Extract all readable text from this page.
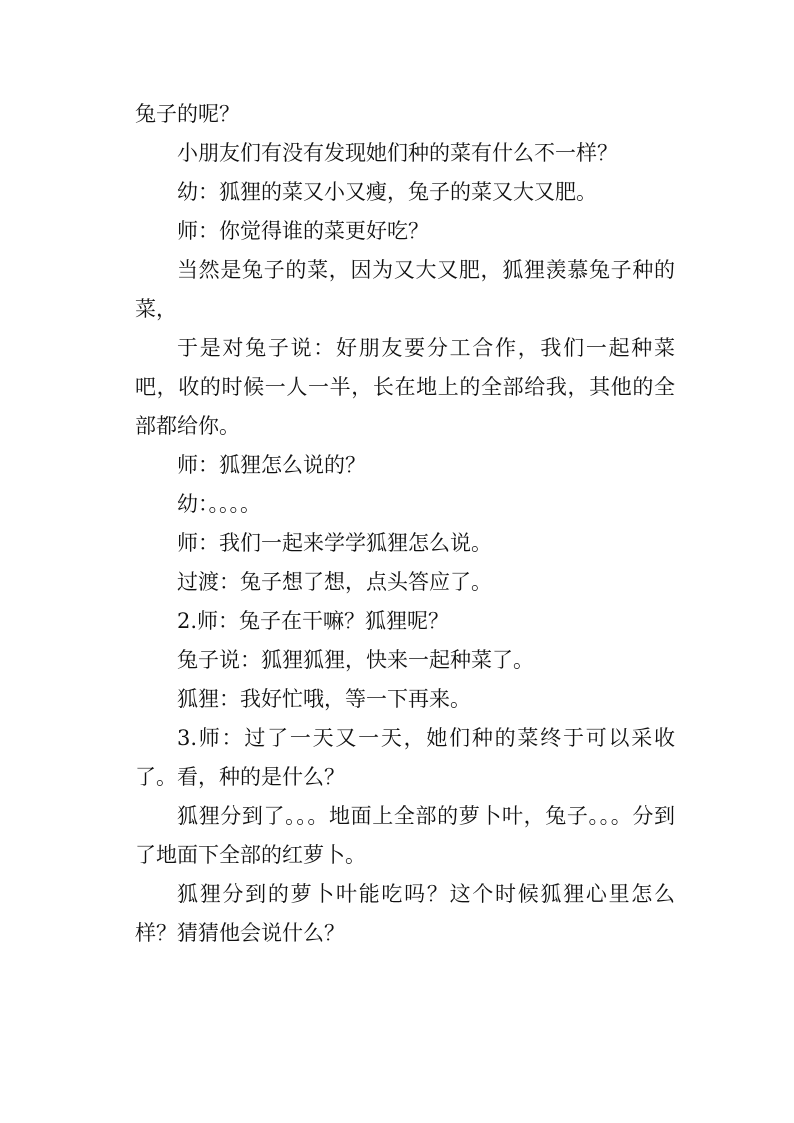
兔子的呢？

小朋友们有没有发现她们种的菜有什么不一样？

幼：狐狸的菜又小又瘦，兔子的菜又大又肥。

师：你觉得谁的菜更好吃？

当然是兔子的菜，因为又大又肥，狐狸羡慕兔子种的菜，

于是对兔子说：好朋友要分工合作，我们一起种菜吧，收的时候一人一半，长在地上的全部给我，其他的全部都给你。

师：狐狸怎么说的？

幼：。。。。

师：我们一起来学学狐狸怎么说。

过渡：兔子想了想，点头答应了。

2.师：兔子在干嘛？狐狸呢？

兔子说：狐狸狐狸，快来一起种菜了。

狐狸：我好忙哦，等一下再来。

3.师：过了一天又一天，她们种的菜终于可以采收了。看，种的是什么？

狐狸分到了。。。地面上全部的萝卜叶，兔子。。。分到了地面下全部的红萝卜。

狐狸分到的萝卜叶能吃吗？这个时候狐狸心里怎么样？猜猜他会说什么？
